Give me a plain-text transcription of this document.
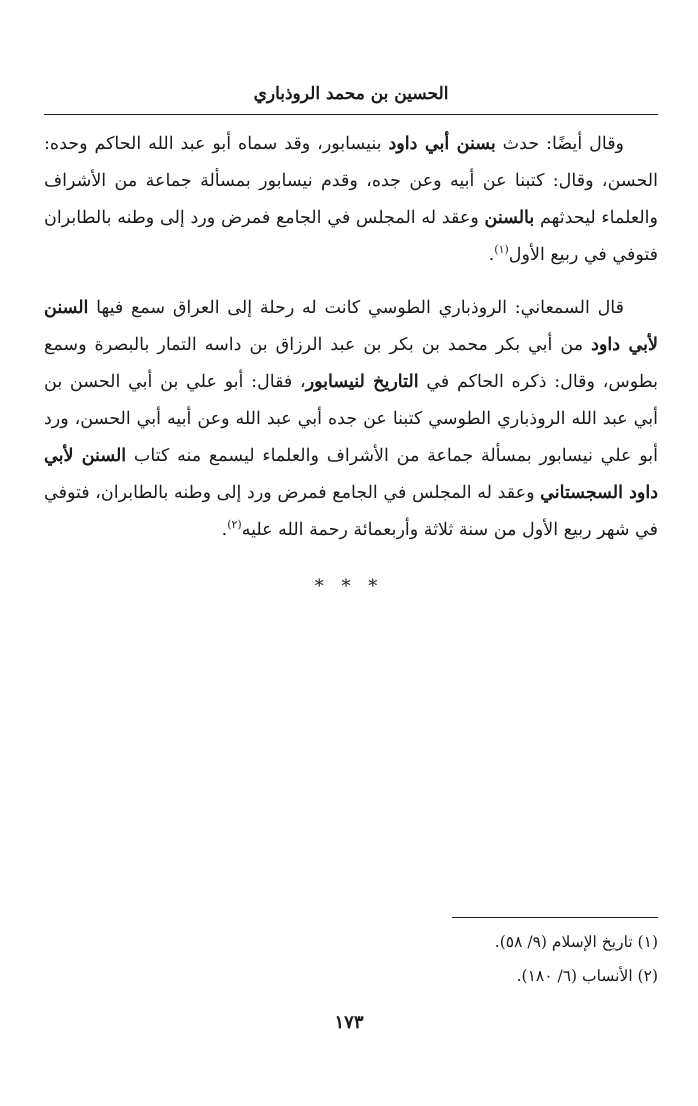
الحسين بن محمد الروذباري

وقال أيضًا: حدث بسنن أبي داود بنيسابور، وقد سماه أبو عبد الله الحاكم وحده: الحسن، وقال: كتبنا عن أبيه وعن جده، وقدم نيسابور بمسألة جماعة من الأشراف والعلماء ليحدثهم بالسنن وعقد له المجلس في الجامع فمرض ورد إلى وطنه بالطابران فتوفي في ربيع الأول$^{(١)}$.

قال السمعاني: الروذباري الطوسي كانت له رحلة إلى العراق سمع فيها السنن لأبي داود من أبي بكر محمد بن بكر بن عبد الرزاق بن داسه التمار بالبصرة وسمع بطوس، وقال: ذكره الحاكم في التاريخ لنيسابور، فقال: أبو علي بن أبي الحسن بن أبي عبد الله الروذباري الطوسي كتبنا عن جده أبي عبد الله وعن أبيه أبي الحسن، ورد أبو علي نيسابور بمسألة جماعة من الأشراف والعلماء ليسمع منه كتاب السنن لأبي داود السجستاني وعقد له المجلس في الجامع فمرض ورد إلى وطنه بالطابران، فتوفي في شهر ربيع الأول من سنة ثلاثة وأربعمائة رحمة الله عليه$^{(٢)}$.

* * *
(١) تاريخ الإسلام (٩/ ٥٨).
(٢) الأنساب (٦/ ١٨٠).
١٧٣
